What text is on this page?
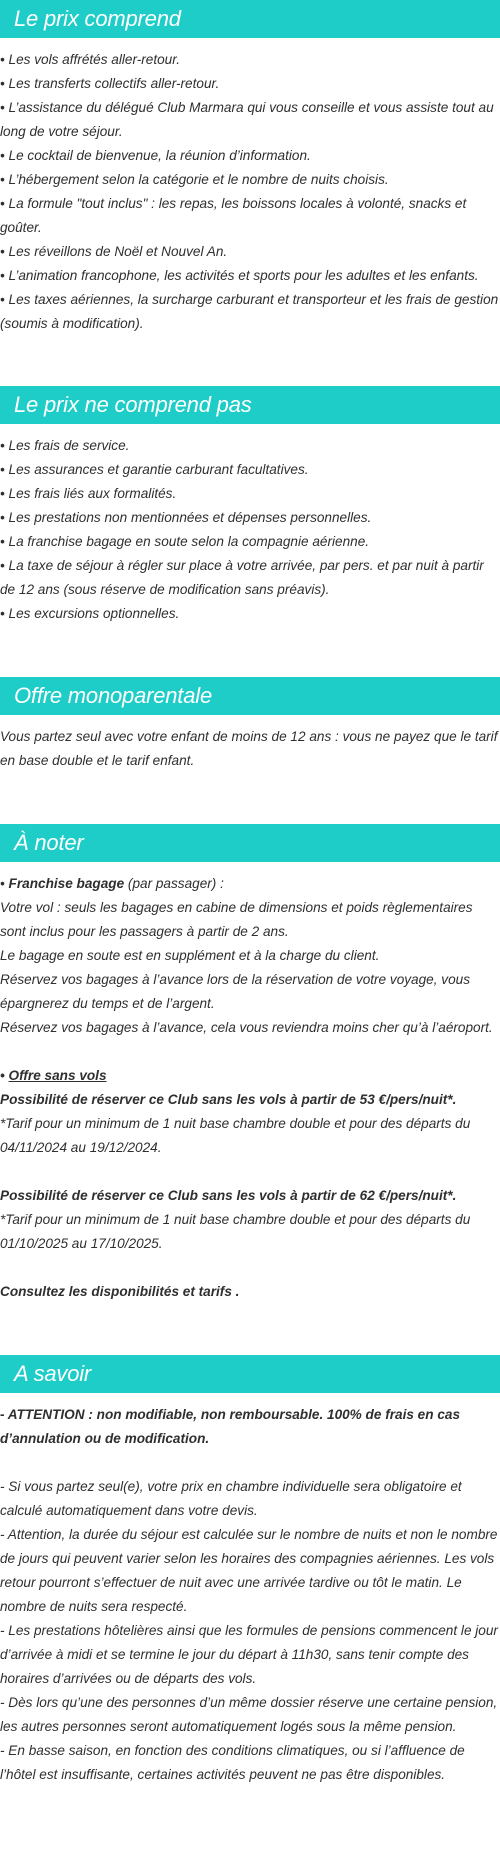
Le prix comprend

• Les vols affrétés aller-retour.

• Les transferts collectifs aller-retour.

• L’assistance du délégué Club Marmara qui vous conseille et vous assiste tout au long de votre séjour.

• Le cocktail de bienvenue, la réunion d’information.

• L’hébergement selon la catégorie et le nombre de nuits choisis.

• La formule "tout inclus" : les repas, les boissons locales à volonté, snacks et goûter.

• Les réveillons de Noël et Nouvel An.

• L’animation francophone, les activités et sports pour les adultes et les enfants.

• Les taxes aériennes, la surcharge carburant et transporteur et les frais de gestion (soumis à modification).

Le prix ne comprend pas

• Les frais de service.

• Les assurances et garantie carburant facultatives.

• Les frais liés aux formalités.

• Les prestations non mentionnées et dépenses personnelles.

• La franchise bagage en soute selon la compagnie aérienne.

• La taxe de séjour à régler sur place à votre arrivée, par pers. et par nuit à partir de 12 ans (sous réserve de modification sans préavis).

• Les excursions optionnelles.

Offre monoparentale

Vous partez seul avec votre enfant de moins de 12 ans : vous ne payez que le tarif en base double et le tarif enfant.

À noter

• Franchise bagage (par passager) :

Votre vol : seuls les bagages en cabine de dimensions et poids règlementaires sont inclus pour les passagers à partir de 2 ans.

Le bagage en soute est en supplément et à la charge du client.

Réservez vos bagages à l’avance lors de la réservation de votre voyage, vous épargnerez du temps et de l’argent.

Réservez vos bagages à l’avance, cela vous reviendra moins cher qu’à l’aéroport.

• Offre sans vols

Possibilité de réserver ce Club sans les vols à partir de 53 €/pers/nuit*.

*Tarif pour un minimum de 1 nuit base chambre double et pour des départs du 04/11/2024 au 19/12/2024.

Possibilité de réserver ce Club sans les vols à partir de 62 €/pers/nuit*.

*Tarif pour un minimum de 1 nuit base chambre double et pour des départs du 01/10/2025 au 17/10/2025.

Consultez les disponibilités et tarifs .

A savoir

- ATTENTION : non modifiable, non remboursable. 100% de frais en cas d’annulation ou de modification.

- Si vous partez seul(e), votre prix en chambre individuelle sera obligatoire et calculé automatiquement dans votre devis.

- Attention, la durée du séjour est calculée sur le nombre de nuits et non le nombre de jours qui peuvent varier selon les horaires des compagnies aériennes. Les vols retour pourront s’effectuer de nuit avec une arrivée tardive ou tôt le matin. Le nombre de nuits sera respecté.

- Les prestations hôtelières ainsi que les formules de pensions commencent le jour d’arrivée à midi et se termine le jour du départ à 11h30, sans tenir compte des horaires d’arrivées ou de départs des vols.

- Dès lors qu’une des personnes d’un même dossier réserve une certaine pension, les autres personnes seront automatiquement logés sous la même pension.

- En basse saison, en fonction des conditions climatiques, ou si l’affluence de l’hôtel est insuffisante, certaines activités peuvent ne pas être disponibles.
